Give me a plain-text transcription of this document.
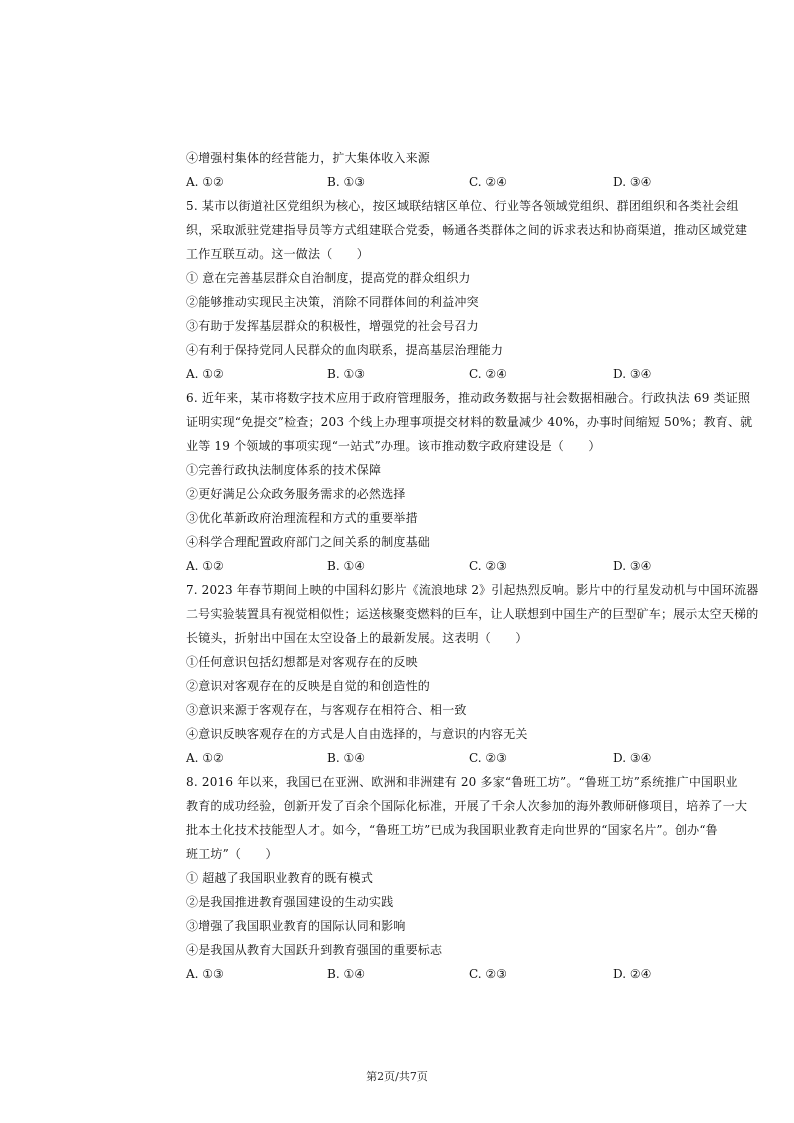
④增强村集体的经营能力，扩大集体收入来源
A. ①②	B. ①③	C. ②④	D. ③④
5. 某市以街道社区党组织为核心，按区域联结辖区单位、行业等各领域党组织、群团组织和各类社会组
织，采取派驻党建指导员等方式组建联合党委，畅通各类群体之间的诉求表达和协商渠道，推动区域党建
工作互联互动。这一做法（　　）
① 意在完善基层群众自治制度，提高党的群众组织力
②能够推动实现民主决策，消除不同群体间的利益冲突
③有助于发挥基层群众的积极性，增强党的社会号召力
④有利于保持党同人民群众的血肉联系，提高基层治理能力
A. ①②	B. ①③	C. ②④	D. ③④
6. 近年来，某市将数字技术应用于政府管理服务，推动政务数据与社会数据相融合。行政执法 69 类证照
证明实现“免提交”检查；203 个线上办理事项提交材料的数量减少 40%，办事时间缩短 50%；教育、就
业等 19 个领域的事项实现“一站式”办理。该市推动数字政府建设是（　　）
①完善行政执法制度体系的技术保障
②更好满足公众政务服务需求的必然选择
③优化革新政府治理流程和方式的重要举措
④科学合理配置政府部门之间关系的制度基础
A. ①②	B. ①④	C. ②③	D. ③④
7. 2023 年春节期间上映的中国科幻影片《流浪地球 2》引起热烈反响。影片中的行星发动机与中国环流器
二号实验装置具有视觉相似性；运送核聚变燃料的巨车，让人联想到中国生产的巨型矿车；展示太空天梯的
长镜头，折射出中国在太空设备上的最新发展。这表明（　　）
①任何意识包括幻想都是对客观存在的反映
②意识对客观存在的反映是自觉的和创造性的
③意识来源于客观存在，与客观存在相符合、相一致
④意识反映客观存在的方式是人自由选择的，与意识的内容无关
A. ①②	B. ①④	C. ②③	D. ③④
8. 2016 年以来，我国已在亚洲、欧洲和非洲建有 20 多家“鲁班工坊”。“鲁班工坊”系统推广中国职业
教育的成功经验，创新开发了百余个国际化标准，开展了千余人次参加的海外教师研修项目，培养了一大
批本土化技术技能型人才。如今，“鲁班工坊”已成为我国职业教育走向世界的“国家名片”。创办“鲁
班工坊”（　　）
① 超越了我国职业教育的既有模式
②是我国推进教育强国建设的生动实践
③增强了我国职业教育的国际认同和影响
④是我国从教育大国跃升到教育强国的重要标志
A. ①③	B. ①④	C. ②③	D. ②④
第2页/共7页
